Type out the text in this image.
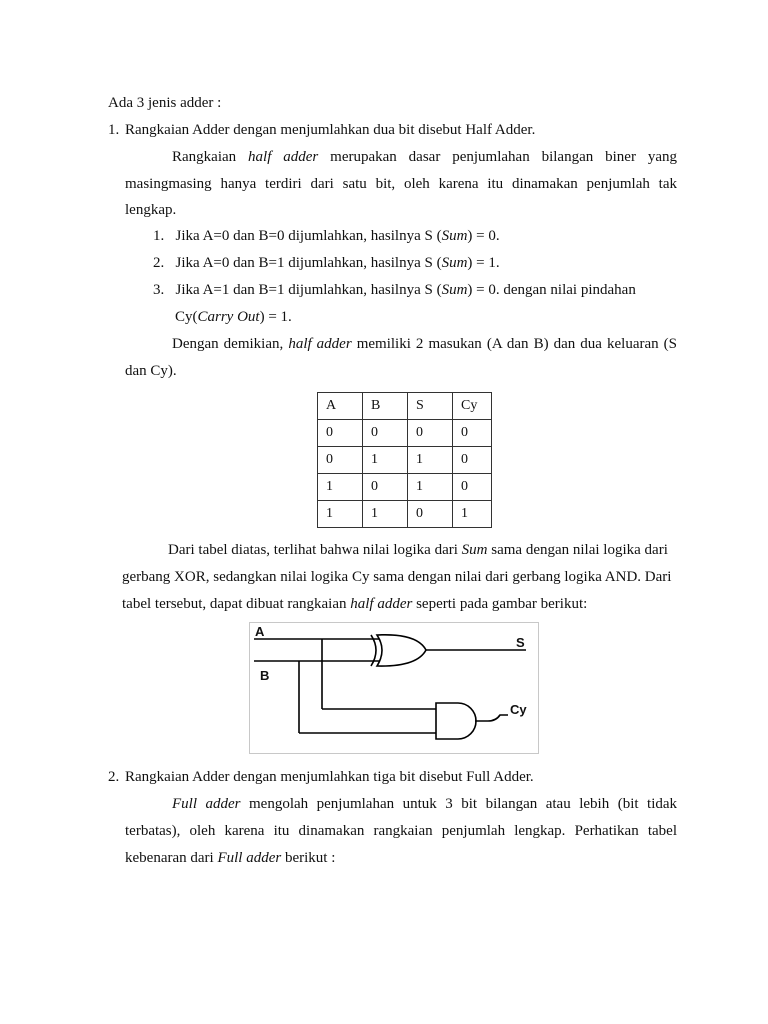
Ada 3 jenis adder :
1. Rangkaian Adder dengan menjumlahkan dua bit disebut Half Adder.
Rangkaian half adder merupakan dasar penjumlahan bilangan biner yang
masingmasing hanya terdiri dari satu bit, oleh karena itu dinamakan penjumlah tak
lengkap.
1. Jika A=0 dan B=0 dijumlahkan, hasilnya S (Sum) = 0.
2. Jika A=0 dan B=1 dijumlahkan, hasilnya S (Sum) = 1.
3. Jika A=1 dan B=1 dijumlahkan, hasilnya S (Sum) = 0. dengan nilai pindahan
Cy(Carry Out) = 1.
Dengan demikian, half adder memiliki 2 masukan (A dan B) dan dua keluaran (S
dan Cy).
A	B	S	Cy
0	0	0	0
0	1	1	0
1	0	1	0
1	1	0	1
Dari tabel diatas, terlihat bahwa nilai logika dari Sum sama dengan nilai logika dari
gerbang XOR, sedangkan nilai logika Cy sama dengan nilai dari gerbang logika AND. Dari
tabel tersebut, dapat dibuat rangkaian half adder seperti pada gambar berikut:
A
B
S
Cy
2. Rangkaian Adder dengan menjumlahkan tiga bit disebut Full Adder.
Full adder mengolah penjumlahan untuk 3 bit bilangan atau lebih (bit tidak
terbatas), oleh karena itu dinamakan rangkaian penjumlah lengkap. Perhatikan tabel
kebenaran dari Full adder berikut :
